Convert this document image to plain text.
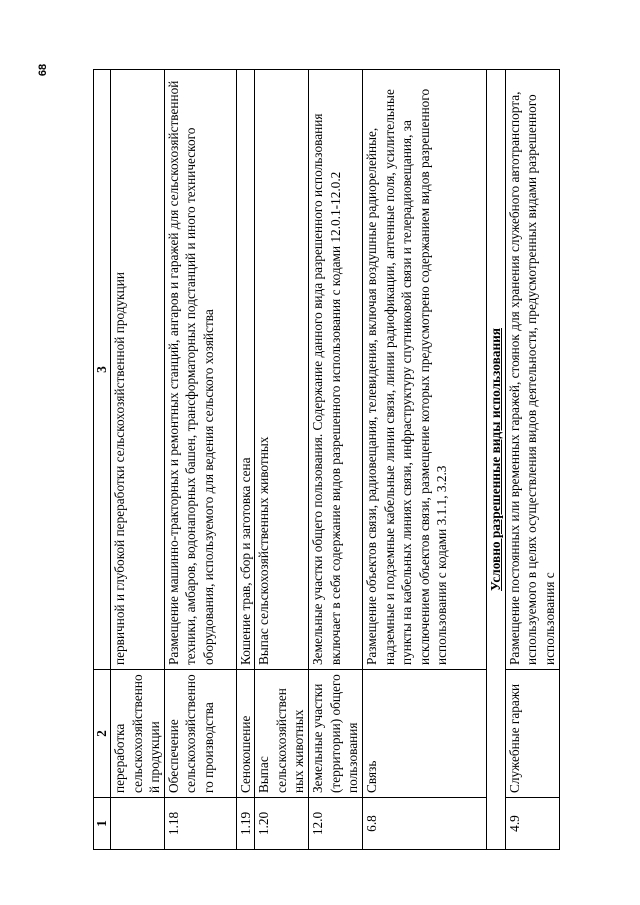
68
1	2	3
	переработка сельскохозяйственно й продукции	первичной и глубокой переработки сельскохозяйственной продукции
1.18	Обеспечение сельскохозяйственно го производства	Размещение машинно-тракторных и ремонтных станций, ангаров и гаражей для сельскохозяйственной техники, амбаров, водонапорных башен, трансформаторных подстанций и иного технического оборудования, используемого для ведения сельского хозяйства
1.19	Сенокошение	Кошение трав, сбор и заготовка сена
1.20	Выпас сельскохозяйствен ных животных	Выпас сельскохозяйственных животных
12.0	Земельные участки (территории) общего пользования	Земельные участки общего пользования. Содержание данного вида разрешенного использования включает в себя содержание видов разрешенного использования с кодами 12.0.1-12.0.2
6.8	Связь	Размещение объектов связи, радиовещания, телевидения, включая воздушные радиорелейные, надземные и подземные кабельные линии связи, линии радиофикации, антенные поля, усилительные пункты на кабельных линиях связи, инфраструктуру спутниковой связи и телерадиовещания, за исключением объектов связи, размещение которых предусмотрено содержанием видов разрешенного использования с кодами 3.1.1, 3.2.3
Условно разрешенные виды использования		
4.9	Служебные гаражи	Размещение постоянных или временных гаражей, стоянок для хранения служебного автотранспорта, используемого в целях осуществления видов деятельности, предусмотренных видами разрешенного использования с
